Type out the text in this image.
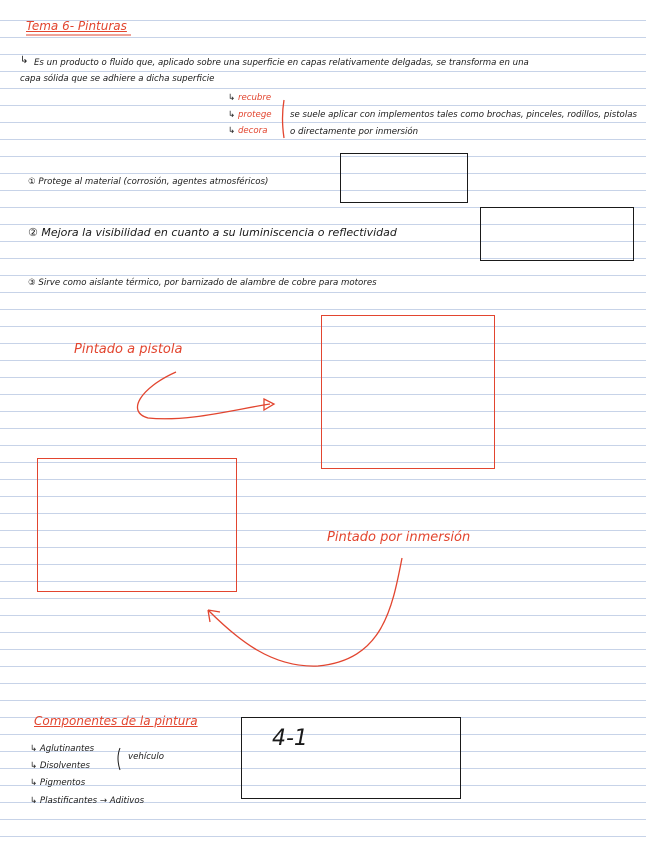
Tema 6- Pinturas
↳ Es un producto o fluido que, aplicado sobre una superficie en capas relativamente delgadas, se transforma en una
capa sólida que se adhiere a dicha superficie
↳ recubre
↳ protege
↳ decora
se suele aplicar con implementos tales como brochas, pinceles, rodillos, pistolas
o directamente por inmersión
① Protege al material (corrosión, agentes atmosféricos)
② Mejora la visibilidad en cuanto a su luminiscencia o reflectividad
③ Sirve como aislante térmico, por barnizado de alambre de cobre para motores
Pintado a pistola
Pintado por inmersión
Componentes de la pintura
↳ Aglutinantes
↳ Disolventes
↳ Pigmentos
↳ Plastificantes → Aditivos
vehículo
4-1
